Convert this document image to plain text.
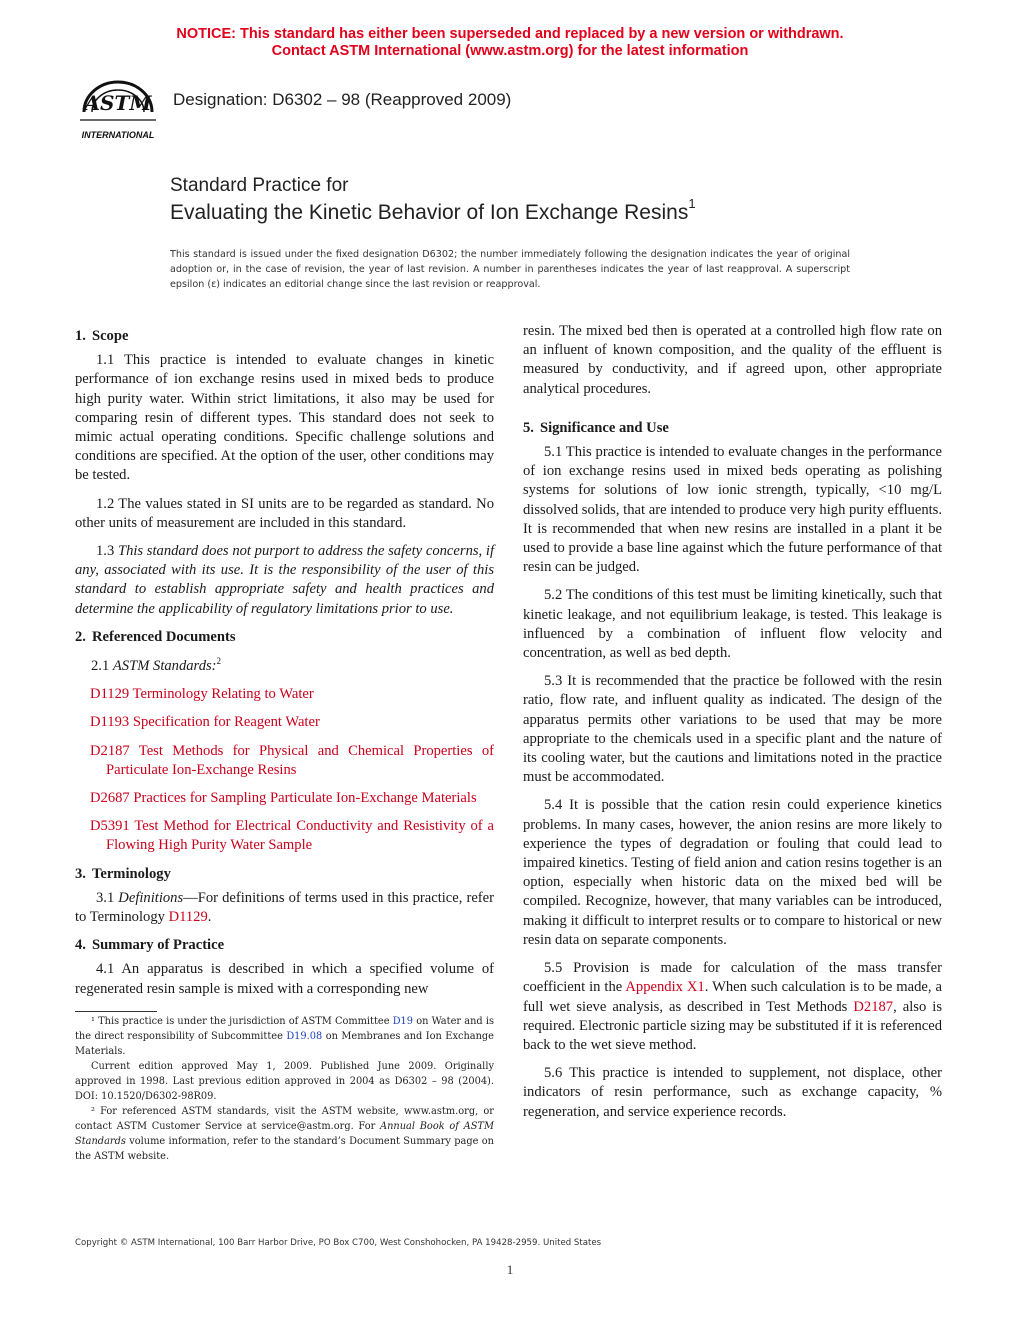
NOTICE: This standard has either been superseded and replaced by a new version or withdrawn.
Contact ASTM International (www.astm.org) for the latest information
ASTM
INTERNATIONAL
Designation: D6302 – 98 (Reapproved 2009)
Standard Practice for
Evaluating the Kinetic Behavior of Ion Exchange Resins$^1$
This standard is issued under the fixed designation D6302; the number immediately following the designation indicates the year of original adoption or, in the case of revision, the year of last revision. A number in parentheses indicates the year of last reapproval. A superscript epsilon (ε) indicates an editorial change since the last revision or reapproval.
1. Scope

1.1 This practice is intended to evaluate changes in kinetic performance of ion exchange resins used in mixed beds to produce high purity water. Within strict limitations, it also may be used for comparing resin of different types. This standard does not seek to mimic actual operating conditions. Specific challenge solutions and conditions are specified. At the option of the user, other conditions may be tested.

1.2 The values stated in SI units are to be regarded as standard. No other units of measurement are included in this standard.

1.3 This standard does not purport to address the safety concerns, if any, associated with its use. It is the responsibility of the user of this standard to establish appropriate safety and health practices and determine the applicability of regulatory limitations prior to use.

2. Referenced Documents

2.1 ASTM Standards:$^2$

D1129 Terminology Relating to Water

D1193 Specification for Reagent Water

D2187 Test Methods for Physical and Chemical Properties of Particulate Ion-Exchange Resins

D2687 Practices for Sampling Particulate Ion-Exchange Materials

D5391 Test Method for Electrical Conductivity and Resistivity of a Flowing High Purity Water Sample

3. Terminology

3.1 Definitions—For definitions of terms used in this practice, refer to Terminology D1129.

4. Summary of Practice

4.1 An apparatus is described in which a specified volume of regenerated resin sample is mixed with a corresponding new

¹ This practice is under the jurisdiction of ASTM Committee D19 on Water and is the direct responsibility of Subcommittee D19.08 on Membranes and Ion Exchange Materials.

Current edition approved May 1, 2009. Published June 2009. Originally approved in 1998. Last previous edition approved in 2004 as D6302 – 98 (2004). DOI: 10.1520/D6302-98R09.

² For referenced ASTM standards, visit the ASTM website, www.astm.org, or contact ASTM Customer Service at service@astm.org. For Annual Book of ASTM Standards volume information, refer to the standard’s Document Summary page on the ASTM website.

resin. The mixed bed then is operated at a controlled high flow rate on an influent of known composition, and the quality of the effluent is measured by conductivity, and if agreed upon, other appropriate analytical procedures.

5. Significance and Use

5.1 This practice is intended to evaluate changes in the performance of ion exchange resins used in mixed beds operating as polishing systems for solutions of low ionic strength, typically, <10 mg/L dissolved solids, that are intended to produce very high purity effluents. It is recommended that when new resins are installed in a plant it be used to provide a base line against which the future performance of that resin can be judged.

5.2 The conditions of this test must be limiting kinetically, such that kinetic leakage, and not equilibrium leakage, is tested. This leakage is influenced by a combination of influent flow velocity and concentration, as well as bed depth.

5.3 It is recommended that the practice be followed with the resin ratio, flow rate, and influent quality as indicated. The design of the apparatus permits other variations to be used that may be more appropriate to the chemicals used in a specific plant and the nature of its cooling water, but the cautions and limitations noted in the practice must be accommodated.

5.4 It is possible that the cation resin could experience kinetics problems. In many cases, however, the anion resins are more likely to experience the types of degradation or fouling that could lead to impaired kinetics. Testing of field anion and cation resins together is an option, especially when historic data on the mixed bed will be compiled. Recognize, however, that many variables can be introduced, making it difficult to interpret results or to compare to historical or new resin data on separate components.

5.5 Provision is made for calculation of the mass transfer coefficient in the Appendix X1. When such calculation is to be made, a full wet sieve analysis, as described in Test Methods D2187, also is required. Electronic particle sizing may be substituted if it is referenced back to the wet sieve method.

5.6 This practice is intended to supplement, not displace, other indicators of resin performance, such as exchange capacity, % regeneration, and service experience records.

Copyright © ASTM International, 100 Barr Harbor Drive, PO Box C700, West Conshohocken, PA 19428-2959. United States
1
